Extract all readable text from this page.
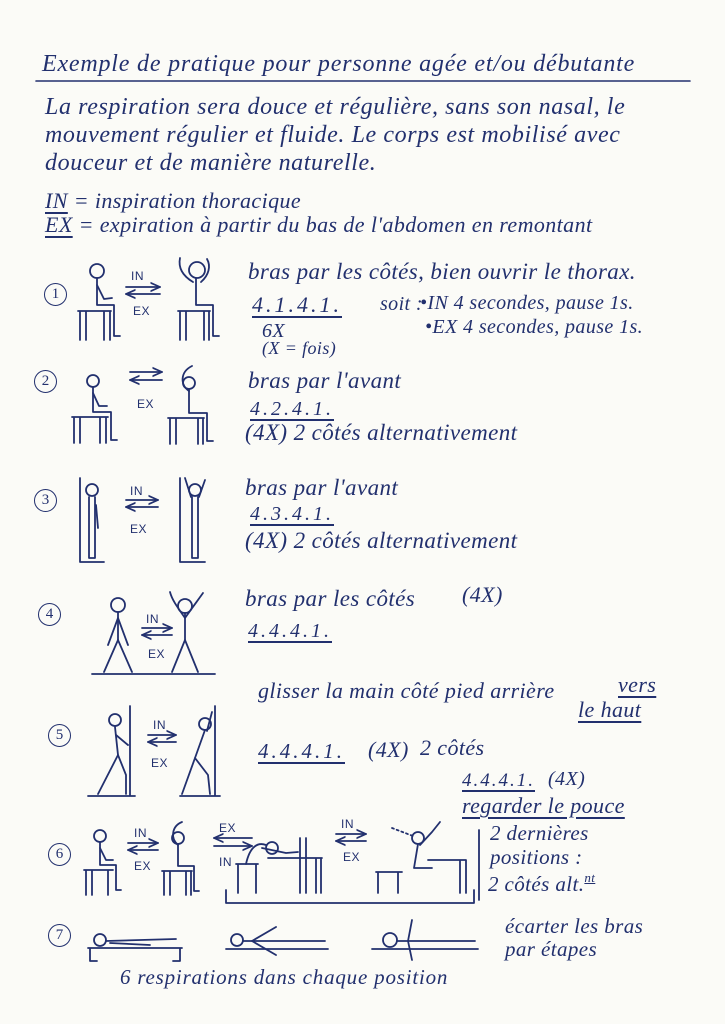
Exemple de pratique pour personne agée et/ou débutante
La respiration sera douce et régulière, sans son nasal, le
mouvement régulier et fluide. Le corps est mobilisé avec
douceur et de manière naturelle.
IN = inspiration thoracique
EX = expiration à partir du bas de l'abdomen en remontant
1
IN
EX
bras par les côtés, bien ouvrir le thorax.
4.1.4.1.
6X
(X = fois)
soit :
•IN 4 secondes, pause 1s.
•EX 4 secondes, pause 1s.
2
EX
bras par l'avant
4.2.4.1.
(4X) 2 côtés alternativement
3
IN
EX
bras par l'avant
4.3.4.1.
(4X) 2 côtés alternativement
4	IN
EX
bras par les côtés (4X)
4.4.4.1.
5
IN
EX
glisser la main côté pied arrière	vers
le haut
4.4.4.1. (4X) 2 côtés
6
IN
EX
EX
IN
IN
EX
4.4.4.1. (4X)
regarder le pouce
2 dernières
positions :
2 côtés alt.$^{nt}$
7	écarter les bras
par étapes
6 respirations dans chaque position
